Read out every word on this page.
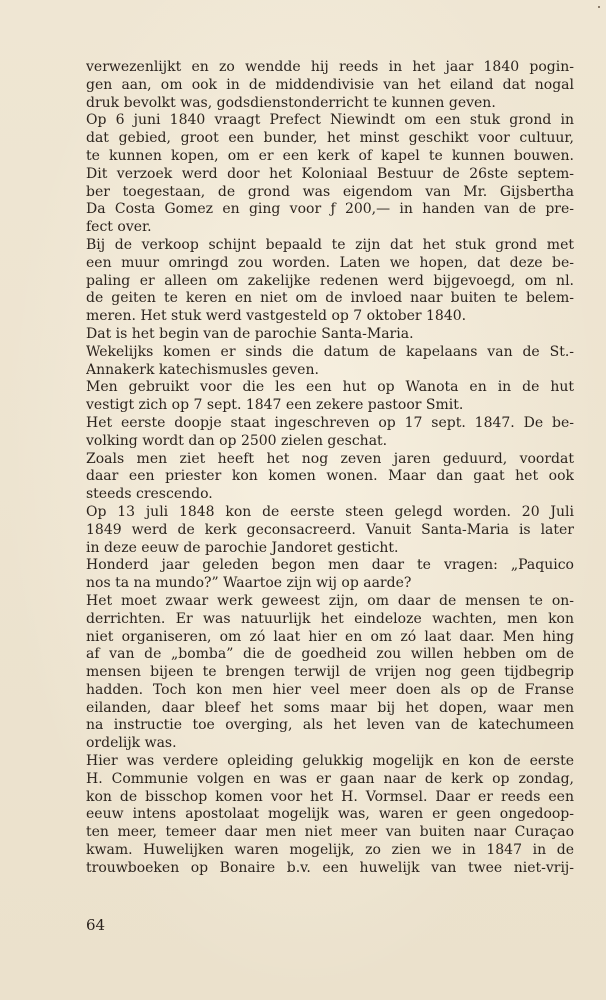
verwezenlijkt en zo wendde hij reeds in het jaar 1840 pogin-
gen aan, om ook in de middendivisie van het eiland dat nogal
druk bevolkt was, godsdienstonderricht te kunnen geven.
Op 6 juni 1840 vraagt Prefect Niewindt om een stuk grond in
dat gebied, groot een bunder, het minst geschikt voor cultuur,
te kunnen kopen, om er een kerk of kapel te kunnen bouwen.
Dit verzoek werd door het Koloniaal Bestuur de 26ste septem-
ber toegestaan, de grond was eigendom van Mr. Gijsbertha
Da Costa Gomez en ging voor ƒ 200,— in handen van de pre-
fect over.
Bij de verkoop schijnt bepaald te zijn dat het stuk grond met
een muur omringd zou worden. Laten we hopen, dat deze be-
paling er alleen om zakelijke redenen werd bijgevoegd, om nl.
de geiten te keren en niet om de invloed naar buiten te belem-
meren. Het stuk werd vastgesteld op 7 oktober 1840.
Dat is het begin van de parochie Santa-Maria.
Wekelijks komen er sinds die datum de kapelaans van de St.-
Annakerk katechismusles geven.
Men gebruikt voor die les een hut op Wanota en in de hut
vestigt zich op 7 sept. 1847 een zekere pastoor Smit.
Het eerste doopje staat ingeschreven op 17 sept. 1847. De be-
volking wordt dan op 2500 zielen geschat.
Zoals men ziet heeft het nog zeven jaren geduurd, voordat
daar een priester kon komen wonen. Maar dan gaat het ook
steeds crescendo.
Op 13 juli 1848 kon de eerste steen gelegd worden. 20 Juli
1849 werd de kerk geconsacreerd. Vanuit Santa-Maria is later
in deze eeuw de parochie Jandoret gesticht.
Honderd jaar geleden begon men daar te vragen: „Paquico
nos ta na mundo?” Waartoe zijn wij op aarde?
Het moet zwaar werk geweest zijn, om daar de mensen te on-
derrichten. Er was natuurlijk het eindeloze wachten, men kon
niet organiseren, om zó laat hier en om zó laat daar. Men hing
af van de „bomba” die de goedheid zou willen hebben om de
mensen bijeen te brengen terwijl de vrijen nog geen tijdbegrip
hadden. Toch kon men hier veel meer doen als op de Franse
eilanden, daar bleef het soms maar bij het dopen, waar men
na instructie toe overging, als het leven van de katechumeen
ordelijk was.
Hier was verdere opleiding gelukkig mogelijk en kon de eerste
H. Communie volgen en was er gaan naar de kerk op zondag,
kon de bisschop komen voor het H. Vormsel. Daar er reeds een
eeuw intens apostolaat mogelijk was, waren er geen ongedoop-
ten meer, temeer daar men niet meer van buiten naar Curaçao
kwam. Huwelijken waren mogelijk, zo zien we in 1847 in de
trouwboeken op Bonaire b.v. een huwelijk van twee niet-vrij-
64
